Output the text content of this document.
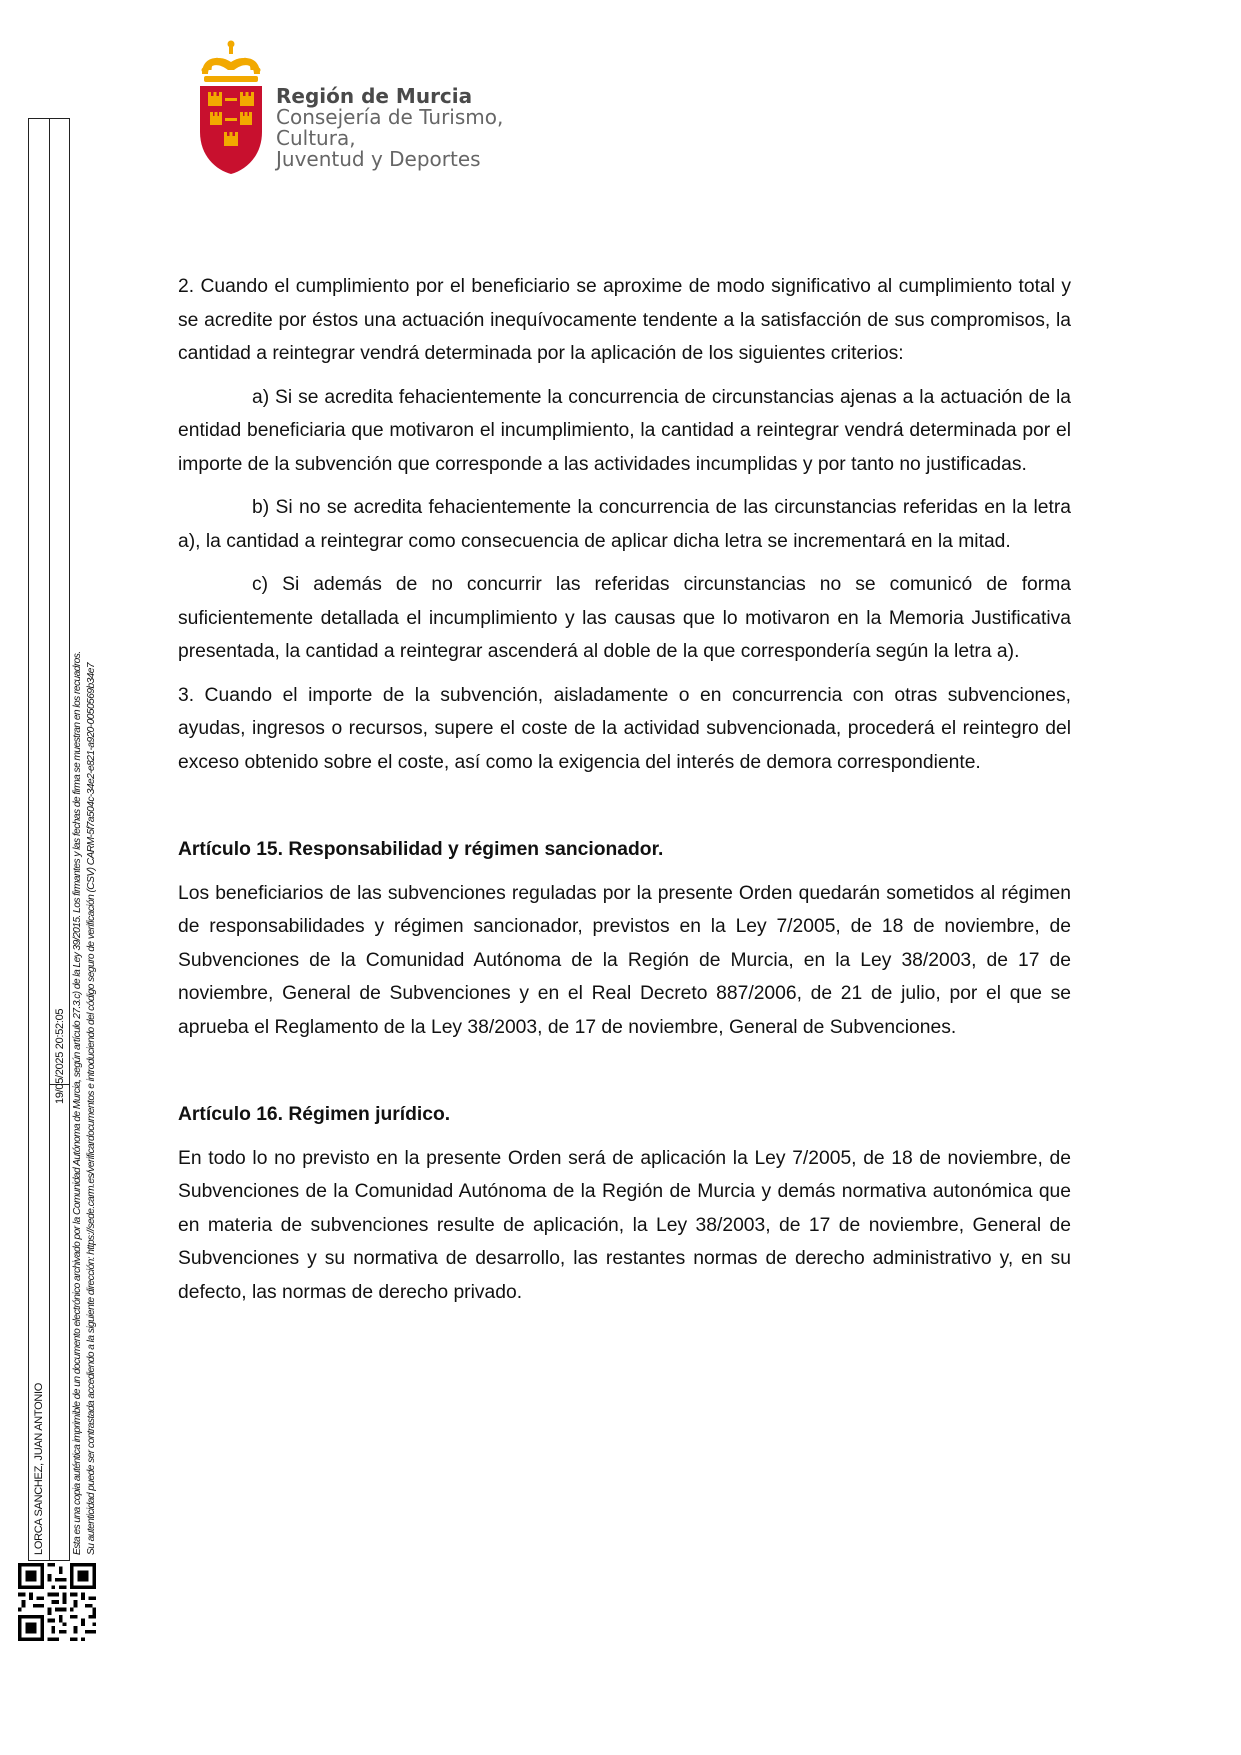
Región de Murcia
Consejería de Turismo, Cultura,
Juventud y Deportes
LORCA SANCHEZ, JUAN ANTONIO
19/05/2025 20:52:05 Esta es una copia auténtica imprimible de un documento electrónico archivado por la Comunidad Autónoma de Murcia, según artículo 27.3.c) de la Ley 39/2015. Los firmantes y las fechas de firma se muestran en los recuadros. Su autenticidad puede ser contrastada accediendo a la siguiente dirección: https://sede.carm.es/verificardocumentos e introduciendo del código seguro de verificación (CSV) CARM-5f7a504c-34e2-e821-a920-0050569b34e7

2. Cuando el cumplimiento por el beneficiario se aproxime de modo significativo al cumplimiento total y se acredite por éstos una actuación inequívocamente tendente a la satisfacción de sus compromisos, la cantidad a reintegrar vendrá determinada por la aplicación de los siguientes criterios:

a) Si se acredita fehacientemente la concurrencia de circunstancias ajenas a la actuación de la entidad beneficiaria que motivaron el incumplimiento, la cantidad a reintegrar vendrá determinada por el importe de la subvención que corresponde a las actividades incumplidas y por tanto no justificadas.

b) Si no se acredita fehacientemente la concurrencia de las circunstancias referidas en la letra a), la cantidad a reintegrar como consecuencia de aplicar dicha letra se incrementará en la mitad.

c) Si además de no concurrir las referidas circunstancias no se comunicó de forma suficientemente detallada el incumplimiento y las causas que lo motivaron en la Memoria Justificativa presentada, la cantidad a reintegrar ascenderá al doble de la que correspondería según la letra a).

3. Cuando el importe de la subvención, aisladamente o en concurrencia con otras subvenciones, ayudas, ingresos o recursos, supere el coste de la actividad subvencionada, procederá el reintegro del exceso obtenido sobre el coste, así como la exigencia del interés de demora correspondiente.

Artículo 15. Responsabilidad y régimen sancionador.

Los beneficiarios de las subvenciones reguladas por la presente Orden quedarán sometidos al régimen de responsabilidades y régimen sancionador, previstos en la Ley 7/2005, de 18 de noviembre, de Subvenciones de la Comunidad Autónoma de la Región de Murcia, en la Ley 38/2003, de 17 de noviembre, General de Subvenciones y en el Real Decreto 887/2006, de 21 de julio, por el que se aprueba el Reglamento de la Ley 38/2003, de 17 de noviembre, General de Subvenciones.

Artículo 16. Régimen jurídico.

En todo lo no previsto en la presente Orden será de aplicación la Ley 7/2005, de 18 de noviembre, de Subvenciones de la Comunidad Autónoma de la Región de Murcia y demás normativa autonómica que en materia de subvenciones resulte de aplicación, la Ley 38/2003, de 17 de noviembre, General de Subvenciones y su normativa de desarrollo, las restantes normas de derecho administrativo y, en su defecto, las normas de derecho privado.
